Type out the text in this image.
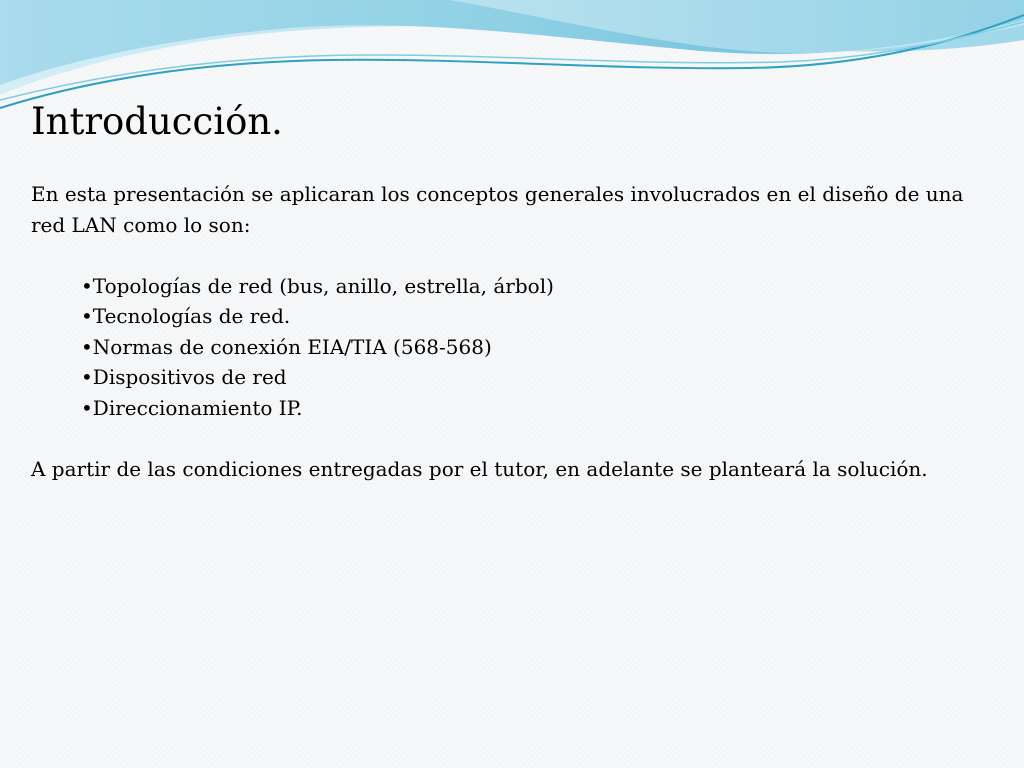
Introducción.

En esta presentación se aplicaran los conceptos generales involucrados en el diseño de una red LAN como lo son:

•Topologías de red (bus, anillo, estrella, árbol)
•Tecnologías de red.
•Normas de conexión EIA/TIA (568-568)
•Dispositivos de red
•Direccionamiento IP.

A partir de las condiciones entregadas por el tutor, en adelante se planteará la solución.
